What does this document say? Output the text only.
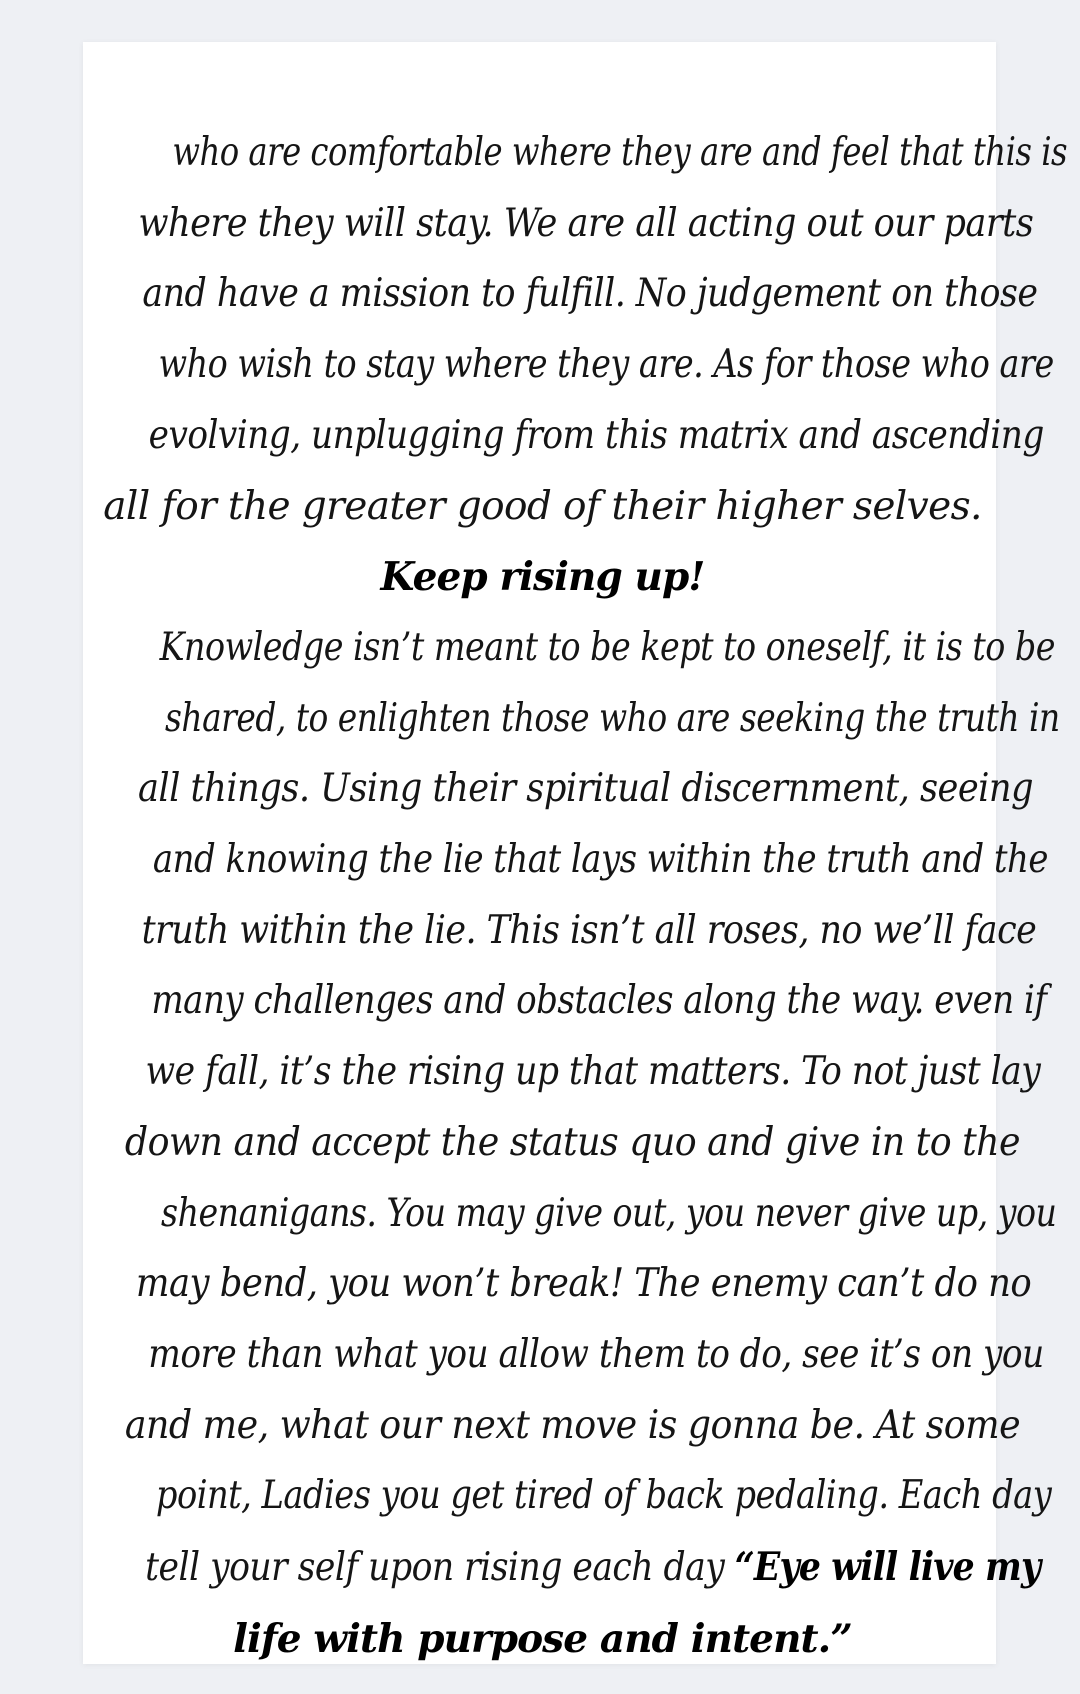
who are comfortable where they are and feel that this is
where they will stay. We are all acting out our parts
and have a mission to fulfill. No judgement on those
who wish to stay where they are. As for those who are
evolving, unplugging from this matrix and ascending
all for the greater good of their higher selves.
Keep rising up!
Knowledge isn’t meant to be kept to oneself, it is to be
shared, to enlighten those who are seeking the truth in
all things. Using their spiritual discernment, seeing
and knowing the lie that lays within the truth and the
truth within the lie. This isn’t all roses, no we’ll face
many challenges and obstacles along the way. even if
we fall, it’s the rising up that matters. To not just lay
down and accept the status quo and give in to the
shenanigans. You may give out, you never give up, you
may bend, you won’t break! The enemy can’t do no
more than what you allow them to do, see it’s on you
and me, what our next move is gonna be. At some
point, Ladies you get tired of back pedaling. Each day
tell your self upon rising each day “Eye will live my
life with purpose and intent.”
